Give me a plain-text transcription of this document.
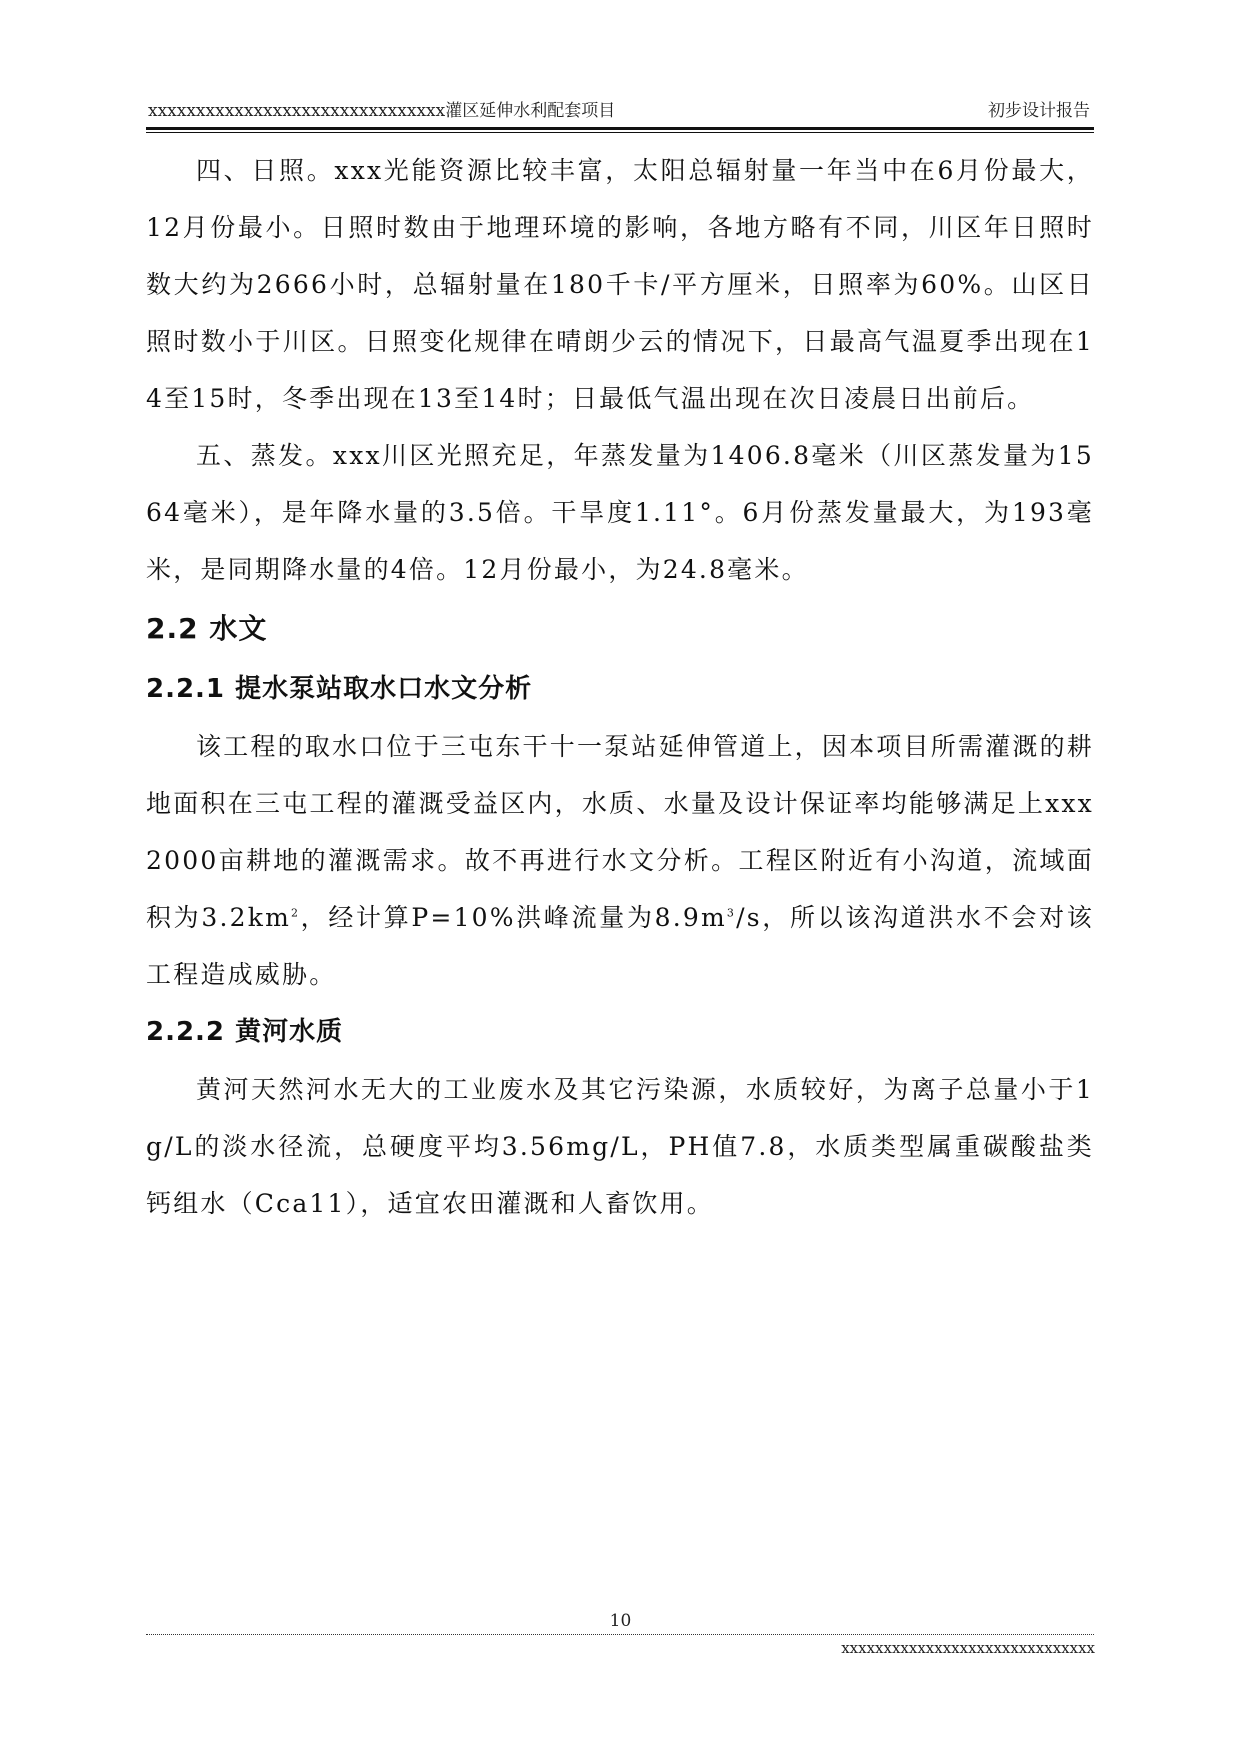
xxxxxxxxxxxxxxxxxxxxxxxxxxxxxxx灌区延伸水利配套项目	初步设计报告

四、日照。xxx光能资源比较丰富，太阳总辐射量一年当中在6月份最大，12月份最小。日照时数由于地理环境的影响，各地方略有不同，川区年日照时数大约为2666小时，总辐射量在180千卡/平方厘米，日照率为60%。山区日照时数小于川区。日照变化规律在晴朗少云的情况下，日最高气温夏季出现在14至15时，冬季出现在13至14时；日最低气温出现在次日凌晨日出前后。

五、蒸发。xxx川区光照充足，年蒸发量为1406.8毫米（川区蒸发量为1564毫米），是年降水量的3.5倍。干旱度1.11°。6月份蒸发量最大，为193毫米，是同期降水量的4倍。12月份最小，为24.8毫米。

2.2 水文
2.2.1 提水泵站取水口水文分析

该工程的取水口位于三屯东干十一泵站延伸管道上，因本项目所需灌溉的耕地面积在三屯工程的灌溉受益区内，水质、水量及设计保证率均能够满足上xxx2000亩耕地的灌溉需求。故不再进行水文分析。工程区附近有小沟道，流域面积为$3.2km^2$，经计算P=10%洪峰流量为$8.9m^3/s$，所以该沟道洪水不会对该工程造成威胁。

2.2.2 黄河水质

黄河天然河水无大的工业废水及其它污染源，水质较好，为离子总量小于1g/L的淡水径流，总硬度平均3.56mg/L，PH值7.8，水质类型属重碳酸盐类钙组水（Cca11），适宜农田灌溉和人畜饮用。

10
xxxxxxxxxxxxxxxxxxxxxxxxxxxxxx
